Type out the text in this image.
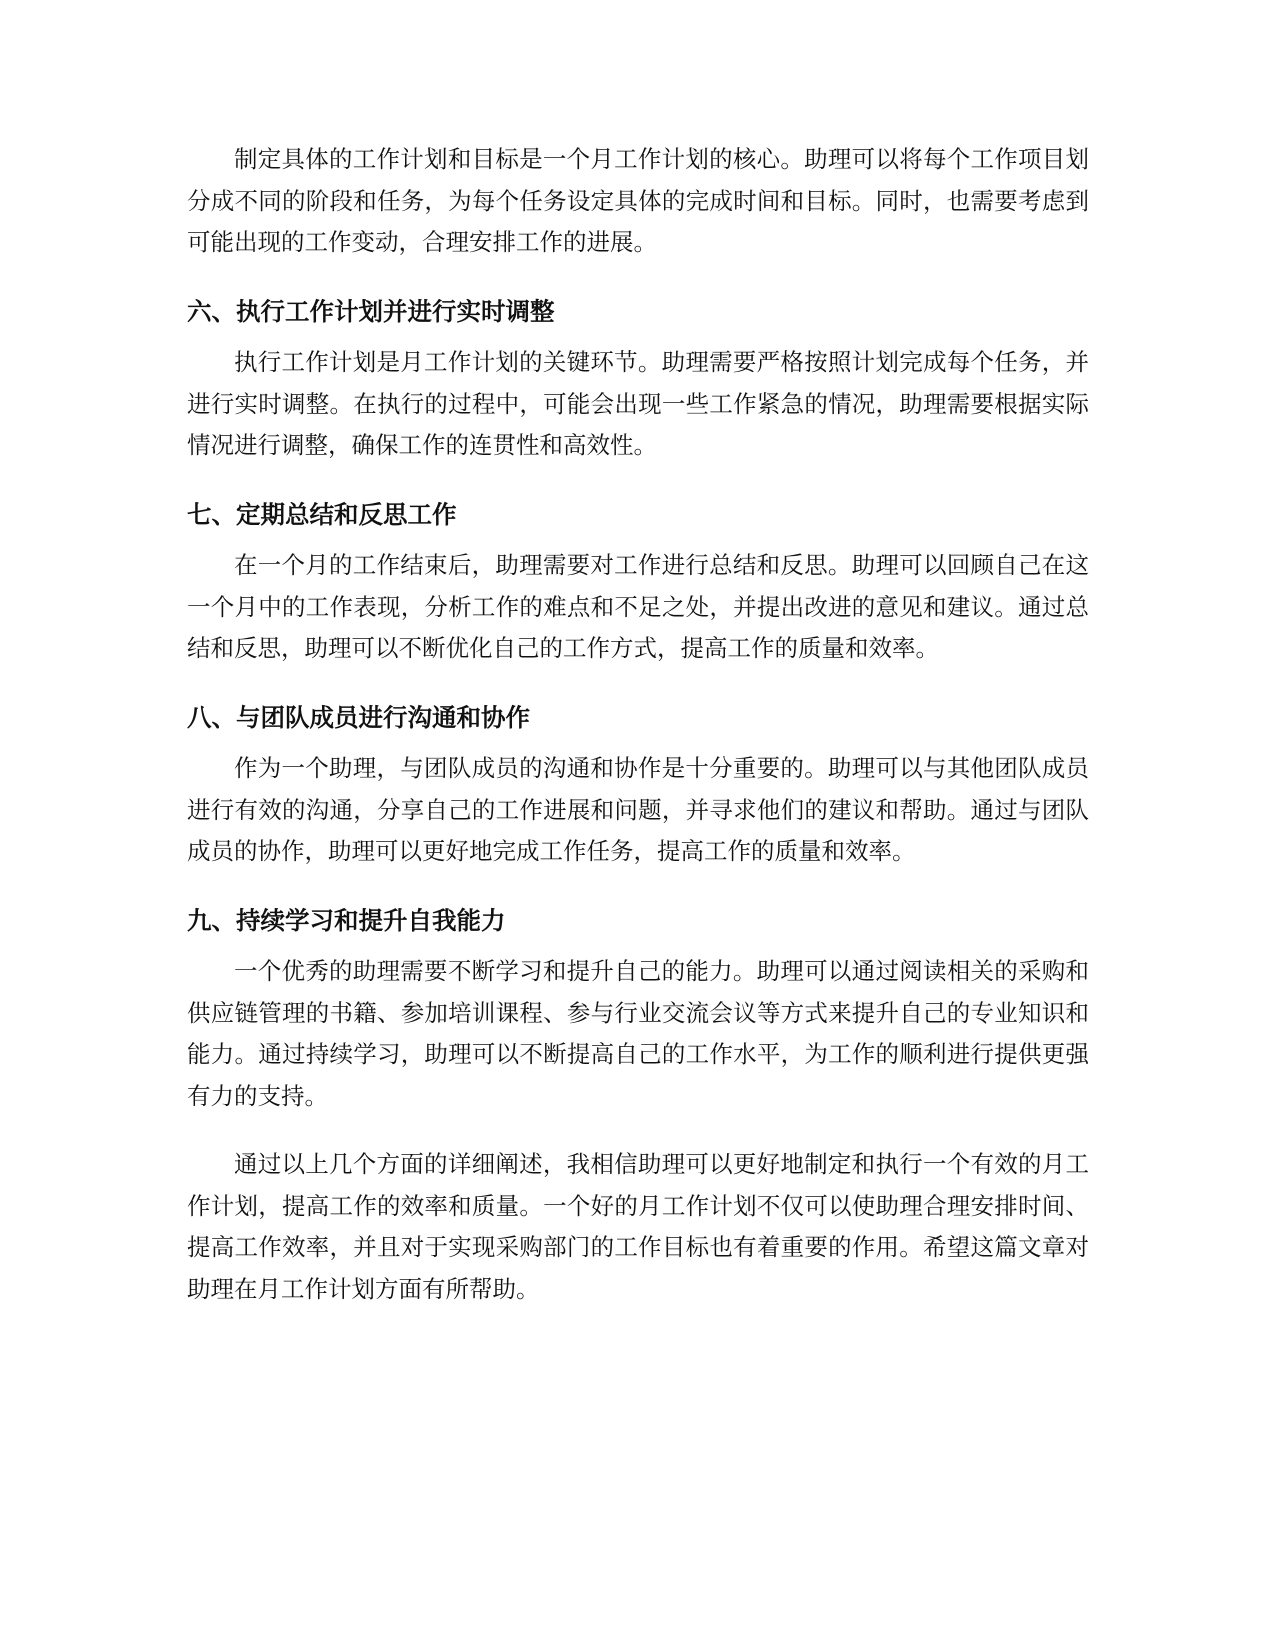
制定具体的工作计划和目标是一个月工作计划的核心。助理可以将每个工作项目划分成不同的阶段和任务，为每个任务设定具体的完成时间和目标。同时，也需要考虑到可能出现的工作变动，合理安排工作的进展。

六、执行工作计划并进行实时调整

执行工作计划是月工作计划的关键环节。助理需要严格按照计划完成每个任务，并进行实时调整。在执行的过程中，可能会出现一些工作紧急的情况，助理需要根据实际情况进行调整，确保工作的连贯性和高效性。

七、定期总结和反思工作

在一个月的工作结束后，助理需要对工作进行总结和反思。助理可以回顾自己在这一个月中的工作表现，分析工作的难点和不足之处，并提出改进的意见和建议。通过总结和反思，助理可以不断优化自己的工作方式，提高工作的质量和效率。

八、与团队成员进行沟通和协作

作为一个助理，与团队成员的沟通和协作是十分重要的。助理可以与其他团队成员进行有效的沟通，分享自己的工作进展和问题，并寻求他们的建议和帮助。通过与团队成员的协作，助理可以更好地完成工作任务，提高工作的质量和效率。

九、持续学习和提升自我能力

一个优秀的助理需要不断学习和提升自己的能力。助理可以通过阅读相关的采购和供应链管理的书籍、参加培训课程、参与行业交流会议等方式来提升自己的专业知识和能力。通过持续学习，助理可以不断提高自己的工作水平，为工作的顺利进行提供更强有力的支持。

通过以上几个方面的详细阐述，我相信助理可以更好地制定和执行一个有效的月工作计划，提高工作的效率和质量。一个好的月工作计划不仅可以使助理合理安排时间、提高工作效率，并且对于实现采购部门的工作目标也有着重要的作用。希望这篇文章对助理在月工作计划方面有所帮助。
